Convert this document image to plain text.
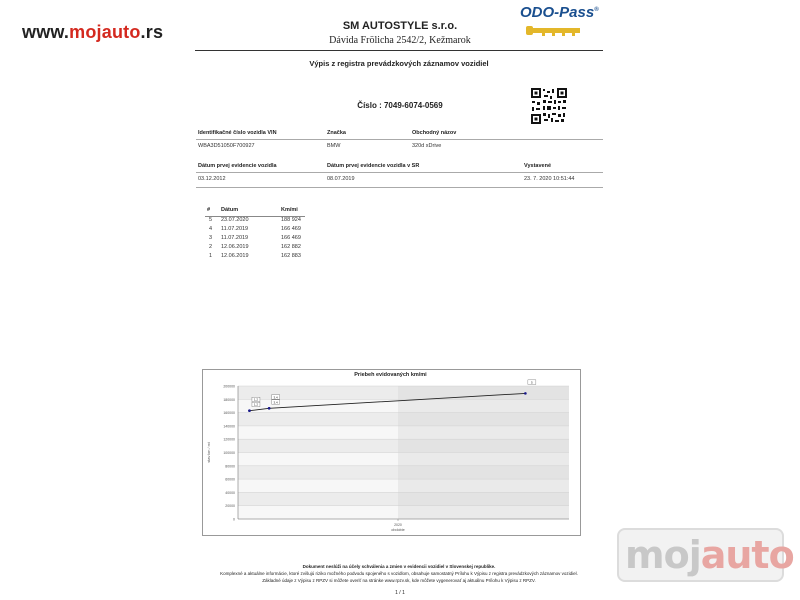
www.mojauto.rs	SM AUTOSTYLE s.r.o.
Dávida Frölicha 2542/2, Kežmarok
ODO-Pass®
Výpis z registra prevádzkových záznamov vozidiel
Číslo : 7049-6074-0569
Identifikačné číslo vozidla VIN	Značka	Obchodný názov
WBA3D51050F700927	BMW	320d xDrive
Dátum prvej evidencie vozidla	Dátum prvej evidencie vozidla v SR	Vystavené
03.12.2012	08.07.2019	23. 7. 2020 10:51:44
# Dátum	Km/mi
5 23.07.2020	188 924
4 11.07.2019	166 469
3 11.07.2019	166 469
2 12.06.2019	162 882
1 12.06.2019	162 883
Priebeh evidovaných km/mi
200000
180000
160000
140000
120000
100000
80000
60000
40000
20000
0
stav km / mi
2020
obdobie
1,2
1,2
3,4
3,4
5
Dokument neslúži na účely schválenia a zmien v evidencii vozidiel v Slovenskej republike.
Komplexné a aktuálne informácie, ktoré zvišujú riziko možného podvodu spojeného s vozidlom, obsahuje samostatný Prílohu k Výpisu z registra prevádzkových záznamov vozidiel.
Základné údaje z Výpisu z RPZV si môžete overiť na stránke www.rpzv.sk, kde môžete vygenerovať aj aktuálnu Prílohu k Výpisu z RPZV.
1 / 1
mojauto
